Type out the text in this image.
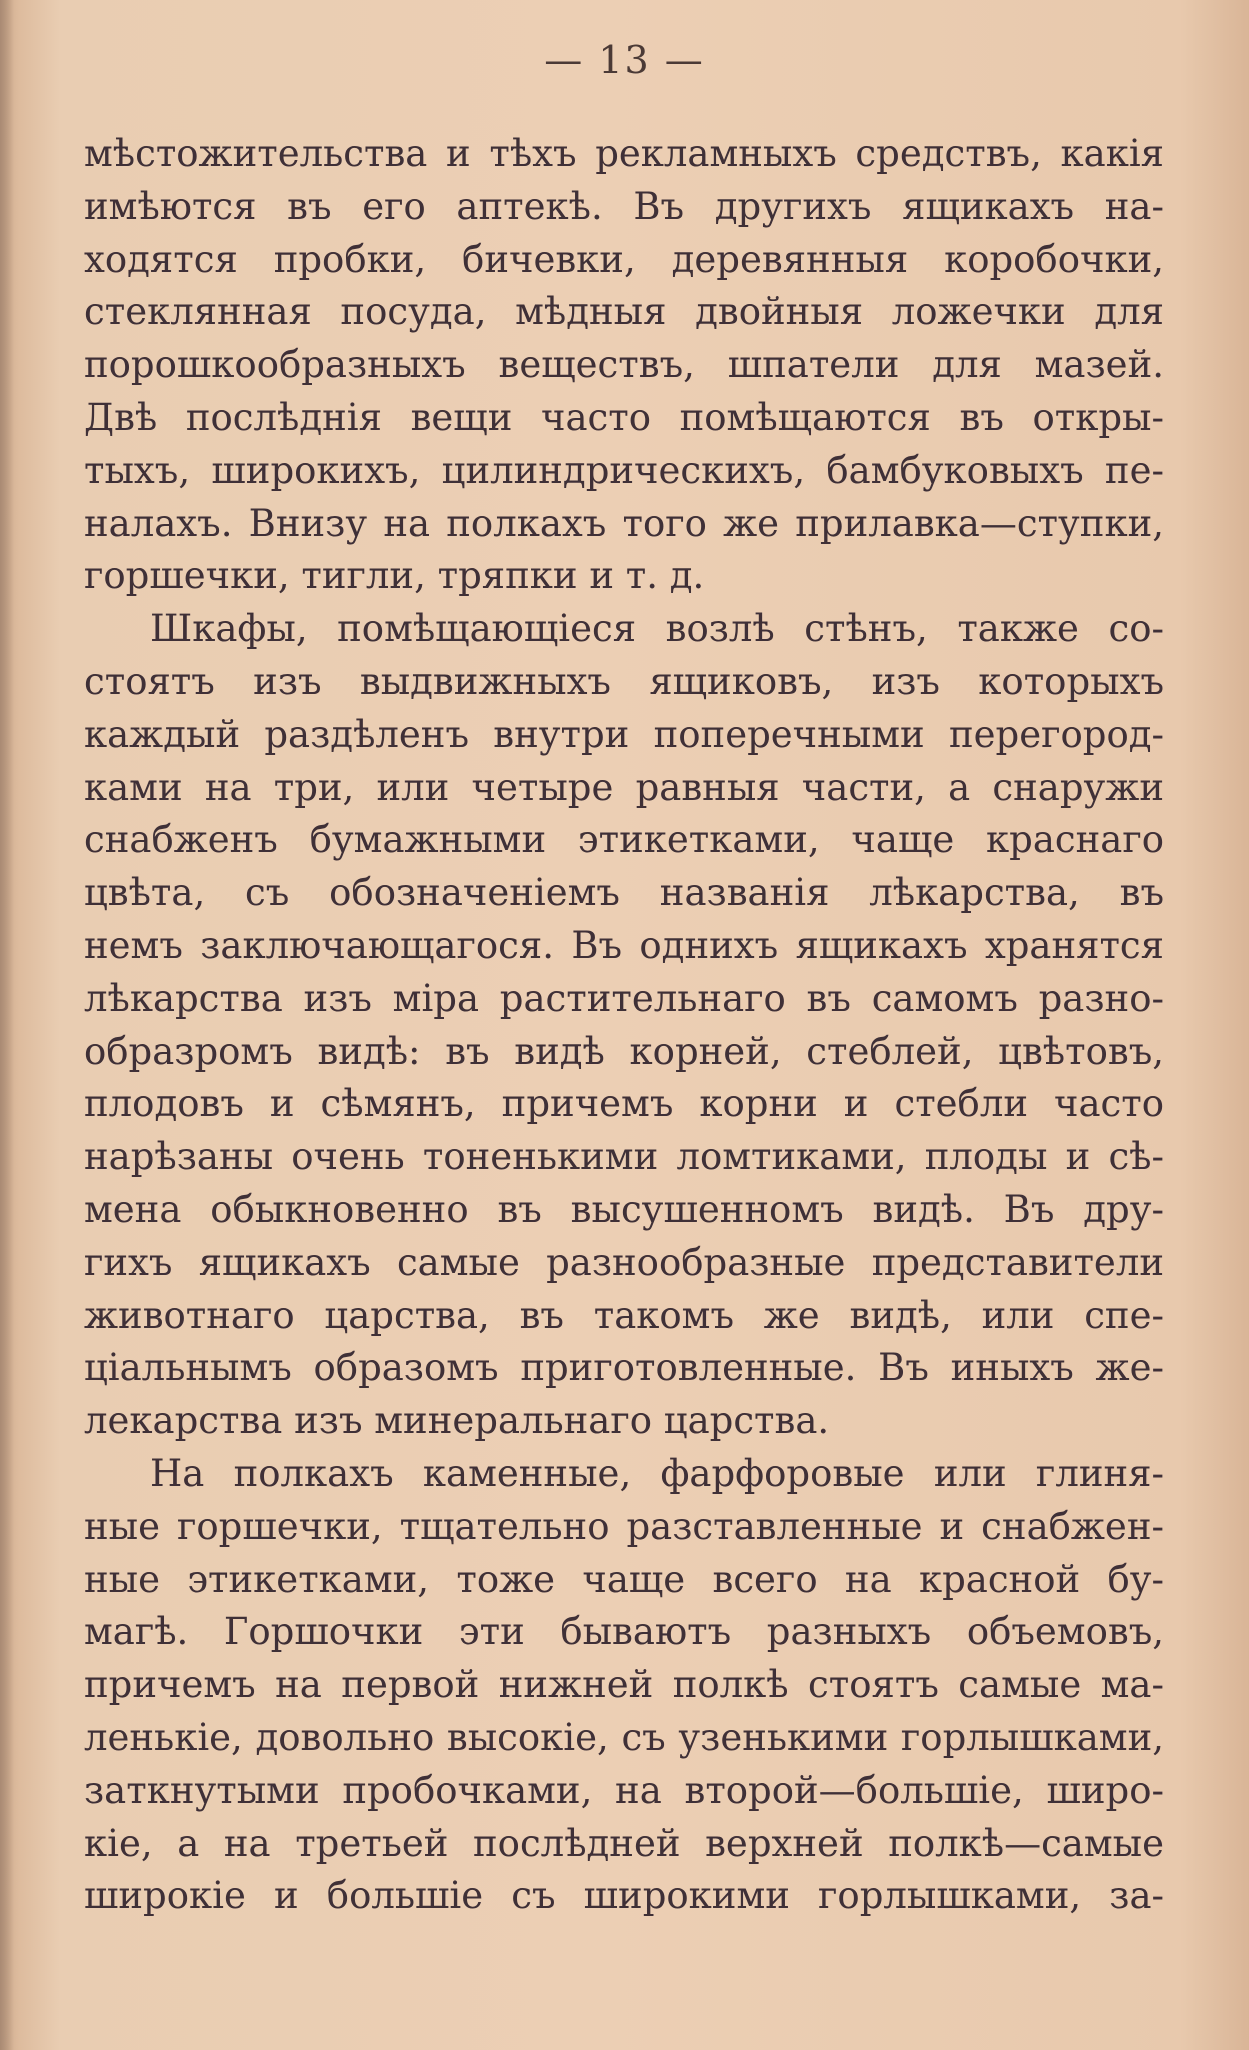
— 13 —
мѣстожительства и тѣхъ рекламныхъ средствъ, какія
имѣются въ его аптекѣ. Въ другихъ ящикахъ на-
ходятся пробки, бичевки, деревянныя коробочки,
стеклянная посуда, мѣдныя двойныя ложечки для
порошкообразныхъ веществъ, шпатели для мазей.
Двѣ послѣднія вещи часто помѣщаются въ откры-
тыхъ, широкихъ, цилиндрическихъ, бамбуковыхъ пе-
налахъ. Внизу на полкахъ того же прилавка—ступки,
горшечки, тигли, тряпки и т. д.
Шкафы, помѣщающіеся возлѣ стѣнъ, также со-
стоятъ изъ выдвижныхъ ящиковъ, изъ которыхъ
каждый раздѣленъ внутри поперечными перегород-
ками на три, или четыре равныя части, а снаружи
снабженъ бумажными этикетками, чаще краснаго
цвѣта, съ обозначеніемъ названія лѣкарства, въ
немъ заключающагося. Въ однихъ ящикахъ хранятся
лѣкарства изъ міра растительнаго въ самомъ разно-
образромъ видѣ: въ видѣ корней, стеблей, цвѣтовъ,
плодовъ и сѣмянъ, причемъ корни и стебли часто
нарѣзаны очень тоненькими ломтиками, плоды и сѣ-
мена обыкновенно въ высушенномъ видѣ. Въ дру-
гихъ ящикахъ самые разнообразные представители
животнаго царства, въ такомъ же видѣ, или спе-
ціальнымъ образомъ приготовленные. Въ иныхъ же-
лекарства изъ минеральнаго царства.
На полкахъ каменные, фарфоровые или глиня-
ные горшечки, тщательно разставленные и снабжен-
ные этикетками, тоже чаще всего на красной бу-
магѣ. Горшочки эти бываютъ разныхъ объемовъ,
причемъ на первой нижней полкѣ стоятъ самые ма-
ленькіе, довольно высокіе, съ узенькими горлышками,
заткнутыми пробочками, на второй—большіе, широ-
кіе, а на третьей послѣдней верхней полкѣ—самые
широкіе и большіе съ широкими горлышками, за-
